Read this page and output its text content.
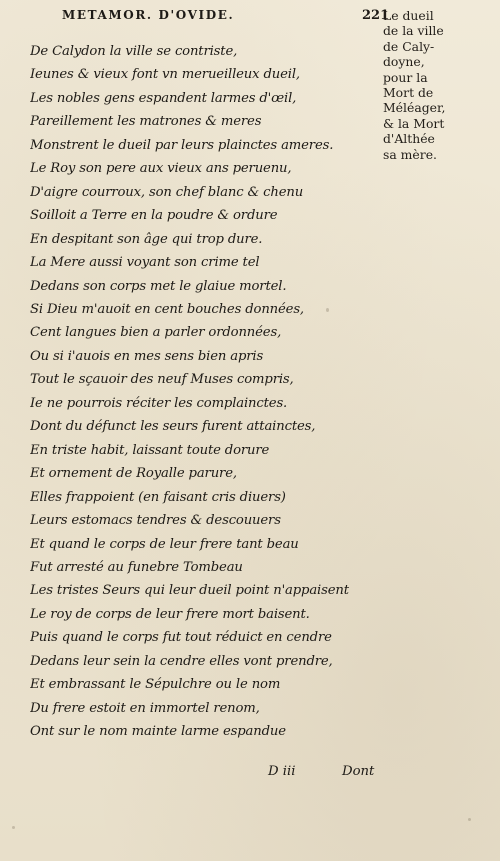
METAMOR. D'OVIDE.	221
Le dueil
de la ville
de Caly-
doyne,
pour la
Mort de
Méléager,
& la Mort
d'Althée
sa mère.
De Calydon la ville se contriste,
Ieunes & vieux font vn merueilleux dueil,
Les nobles gens espandent larmes d'œil,
Pareillement les matrones & meres
Monstrent le dueil par leurs plainctes ameres.
Le Roy son pere aux vieux ans peruenu,
D'aigre courroux, son chef blanc & chenu
Soilloit a Terre en la poudre & ordure
En despitant son âge qui trop dure.
La Mere aussi voyant son crime tel
Dedans son corps met le glaiue mortel.
Si Dieu m'auoit en cent bouches données,
Cent langues bien a parler ordonnées,
Ou si i'auois en mes sens bien apris
Tout le sçauoir des neuf Muses compris,
Ie ne pourrois réciter les complainctes.
Dont du défunct les seurs furent attainctes,
En triste habit, laissant toute dorure
Et ornement de Royalle parure,
Elles frappoient (en faisant cris diuers)
Leurs estomacs tendres & descouuers
Et quand le corps de leur frere tant beau
Fut arresté au funebre Tombeau
Les tristes Seurs qui leur dueil point n'appaisent
Le roy de corps de leur frere mort baisent.
Puis quand le corps fut tout réduict en cendre
Dedans leur sein la cendre elles vont prendre,
Et embrassant le Sépulchre ou le nom
Du frere estoit en immortel renom,
Ont sur le nom mainte larme espandue
D iii	Dont
